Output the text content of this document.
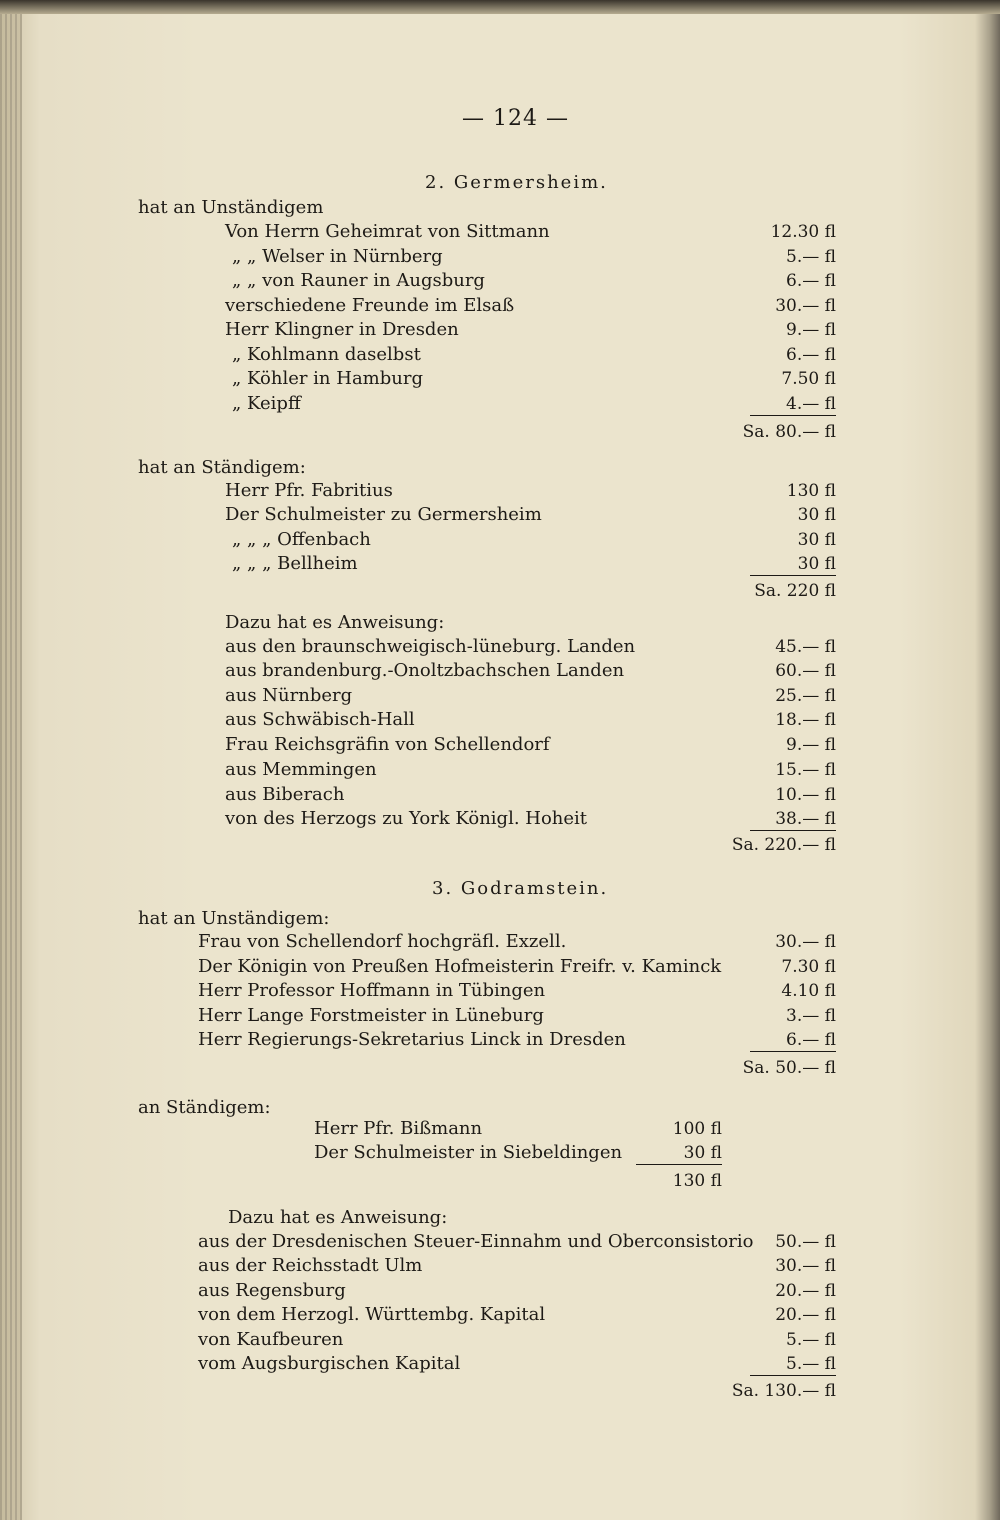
— 124 —
2. Germersheim.
hat an Unständigem
Von Herrn Geheimrat von Sittmann	12.30 fl
„ „ Welser in Nürnberg	5.— fl
„ „ von Rauner in Augsburg	6.— fl
verschiedene Freunde im Elsaß	30.— fl
Herr Klingner in Dresden	9.— fl
„ Kohlmann daselbst	6.— fl
„ Köhler in Hamburg	7.50 fl
„ Keipff	4.— fl
Sa. 80.— fl
hat an Ständigem:
Herr Pfr. Fabritius	130 fl
Der Schulmeister zu Germersheim	30 fl
„ „ „ Offenbach	30 fl
„ „ „ Bellheim	30 fl
Sa. 220 fl
Dazu hat es Anweisung:
aus den braunschweigisch-lüneburg. Landen	45.— fl
aus brandenburg.-Onoltzbachschen Landen	60.— fl
aus Nürnberg	25.— fl
aus Schwäbisch-Hall	18.— fl
Frau Reichsgräfin von Schellendorf	9.— fl
aus Memmingen	15.— fl
aus Biberach	10.— fl
von des Herzogs zu York Königl. Hoheit	38.— fl
Sa. 220.— fl
3. Godramstein.
hat an Unständigem:
Frau von Schellendorf hochgräfl. Exzell.	30.— fl
Der Königin von Preußen Hofmeisterin Freifr. v. Kaminck	7.30 fl
Herr Professor Hoffmann in Tübingen	4.10 fl
Herr Lange Forstmeister in Lüneburg	3.— fl
Herr Regierungs-Sekretarius Linck in Dresden	6.— fl
Sa. 50.— fl
an Ständigem:
Herr Pfr. Bißmann	100 fl
Der Schulmeister in Siebeldingen	30 fl
130 fl
Dazu hat es Anweisung:
aus der Dresdenischen Steuer-Einnahm und Oberconsistorio 50.— fl
aus der Reichsstadt Ulm	30.— fl
aus Regensburg	20.— fl
von dem Herzogl. Württembg. Kapital	20.— fl
von Kaufbeuren	5.— fl
vom Augsburgischen Kapital	5.— fl
Sa. 130.— fl
